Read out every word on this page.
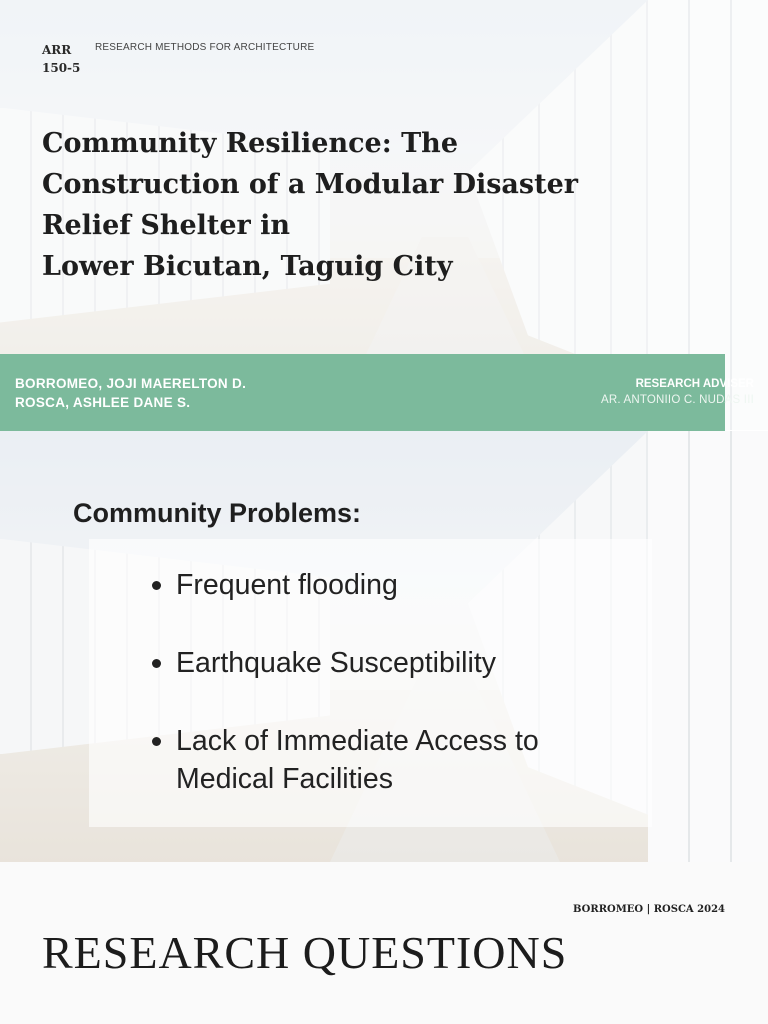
ARR
150-5
RESEARCH METHODS FOR ARCHITECTURE
Community Resilience: The
Construction of a Modular Disaster
Relief Shelter in
Lower Bicutan, Taguig City
BORROMEO, JOJI MAERELTON D.
ROSCA, ASHLEE DANE S.
RESEARCH ADVISER
AR. ANTONIIO C. NUDAS III
Community Problems:
Frequent flooding
Earthquake Susceptibility
Lack of Immediate Access to Medical Facilities
BORROMEO | ROSCA 2024
RESEARCH QUESTIONS
